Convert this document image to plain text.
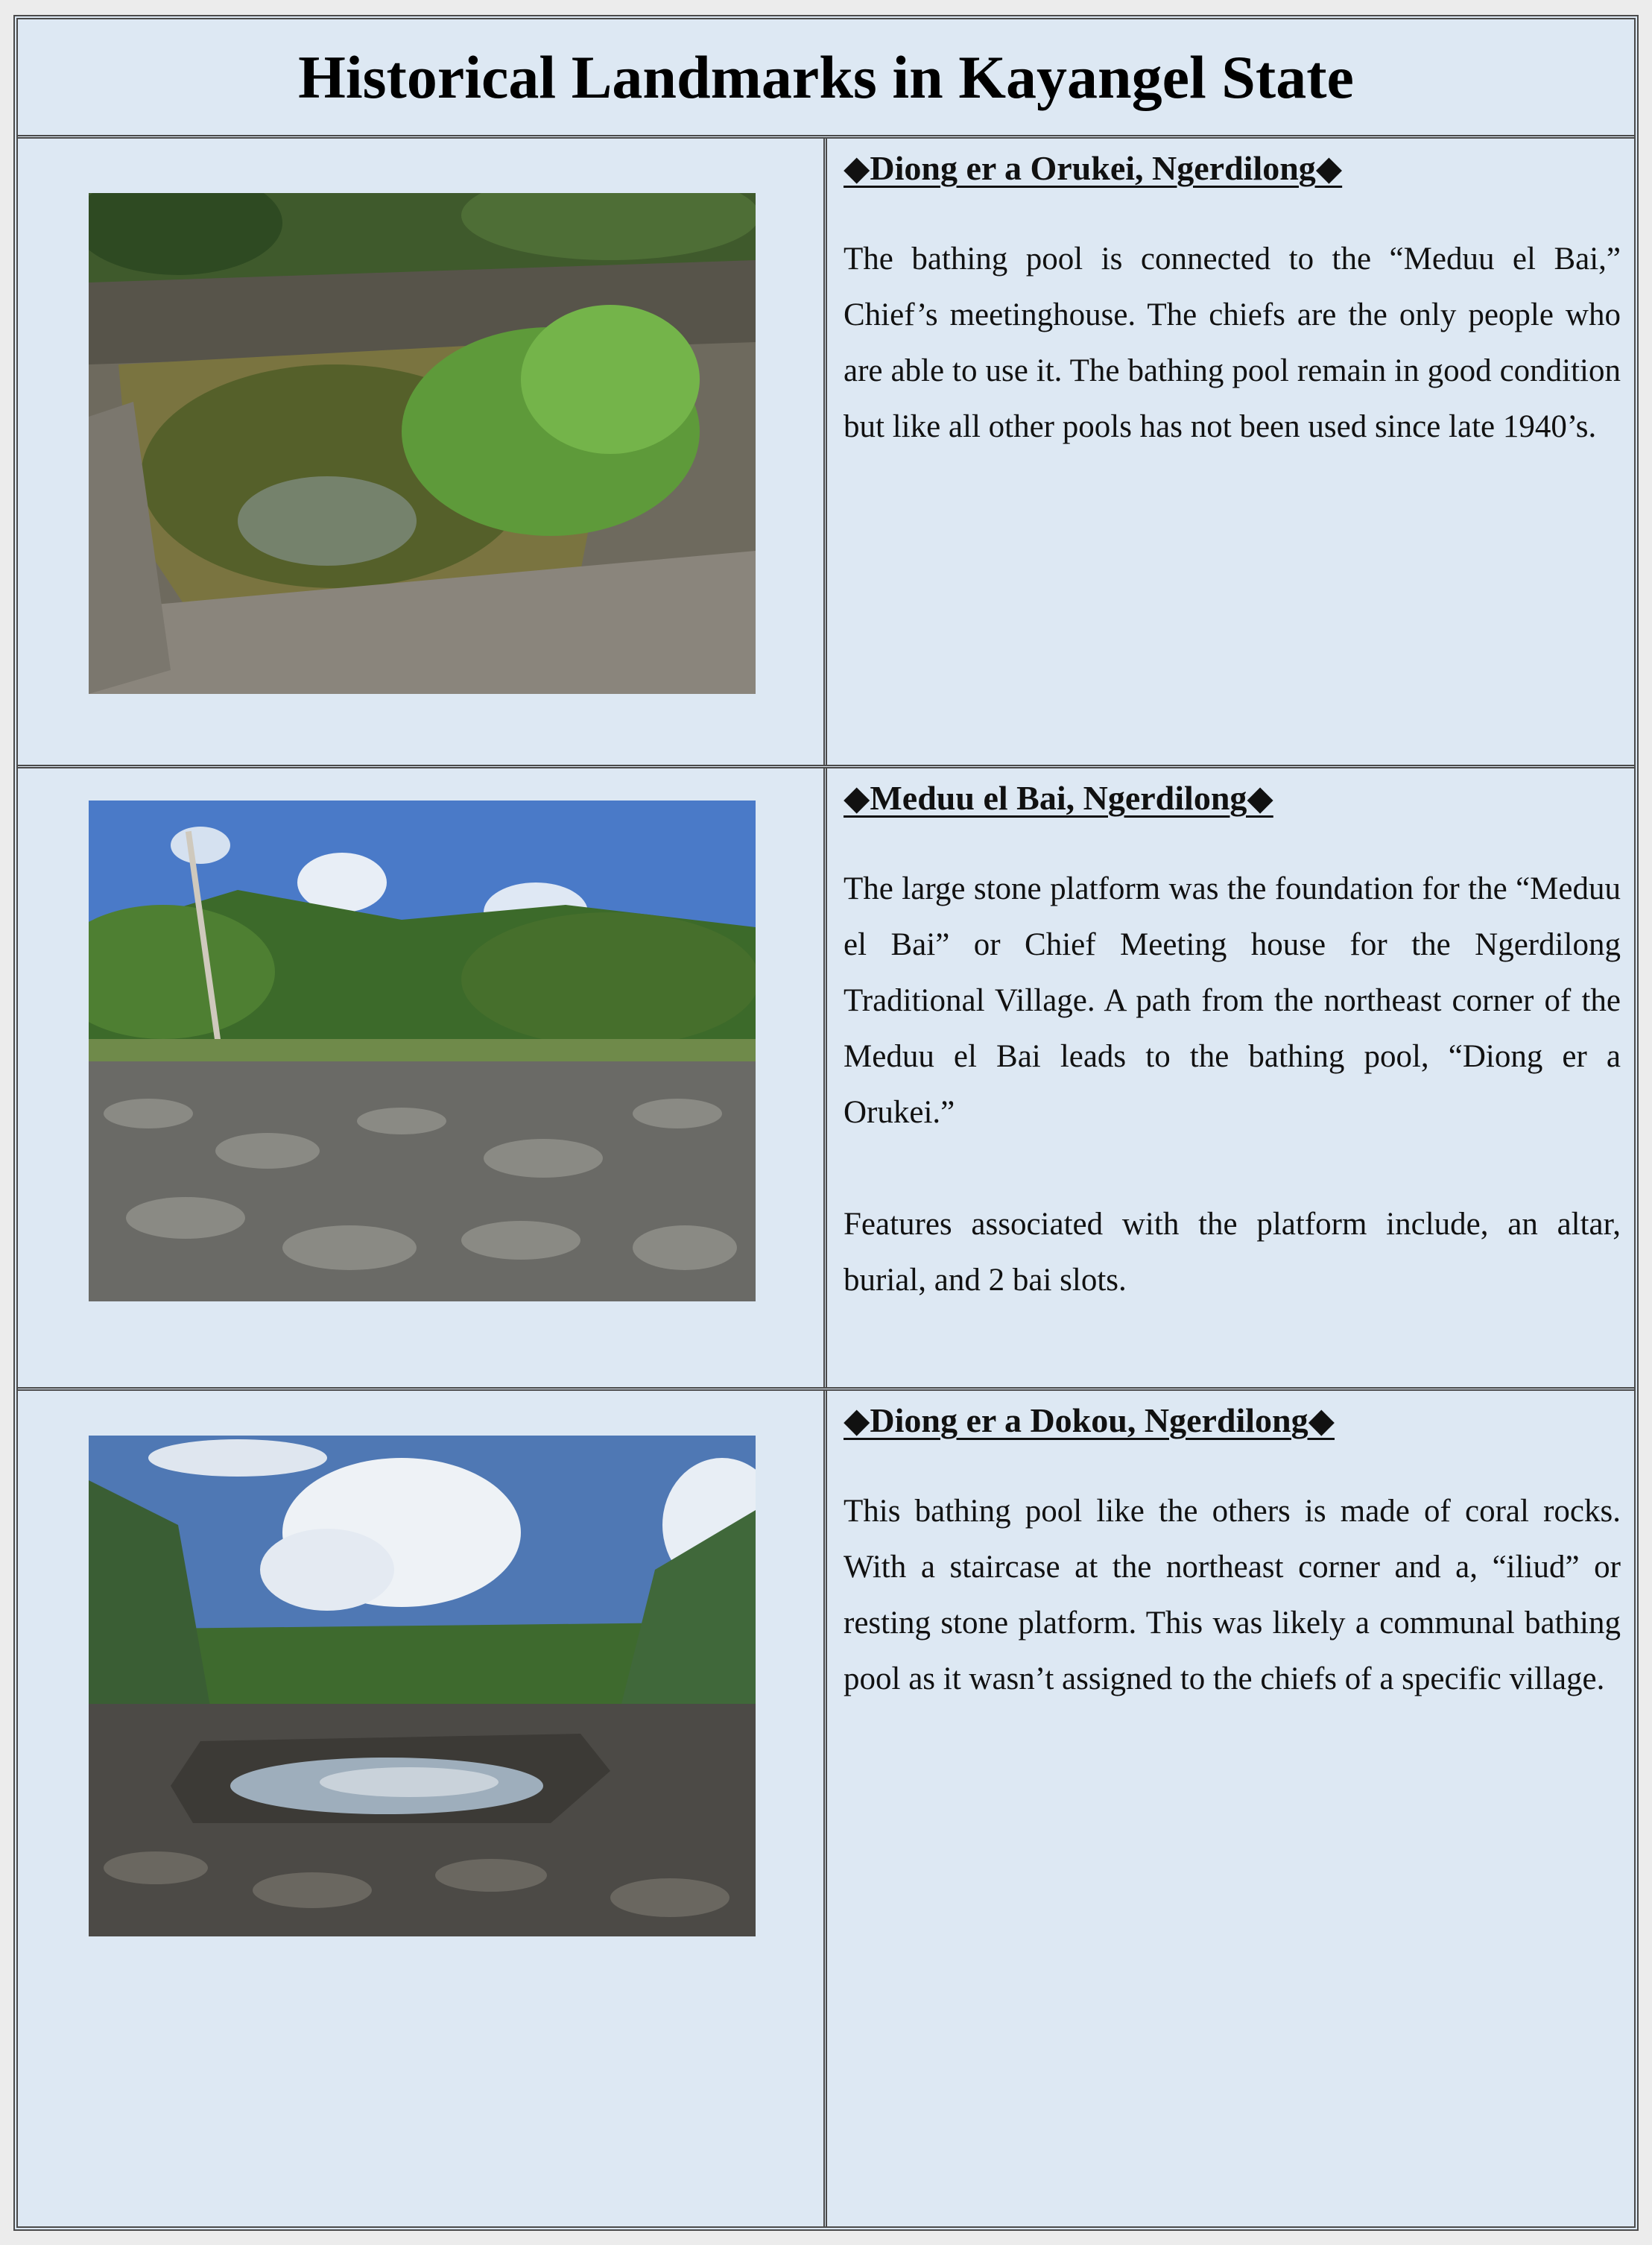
Historical Landmarks in Kayangel State
◆Diong er a Orukei, Ngerdilong◆

The bathing pool is connected to the “Meduu el Bai,” Chief’s meetinghouse. The chiefs are the only people who are able to use it. The bathing pool remain in good condition but like all other pools has not been used since late 1940’s.

◆Meduu el Bai, Ngerdilong◆

The large stone platform was the foundation for the “Meduu el Bai” or Chief Meeting house for the Ngerdilong Traditional Village. A path from the northeast corner of the Meduu el Bai leads to the bathing pool, “Diong er a Orukei.”

Features associated with the platform include, an altar, burial, and 2 bai slots.

◆Diong er a Dokou, Ngerdilong◆

This bathing pool like the others is made of coral rocks. With a staircase at the northeast corner and a, “iliud” or resting stone platform. This was likely a communal bathing pool as it wasn’t assigned to the chiefs of a specific village.
